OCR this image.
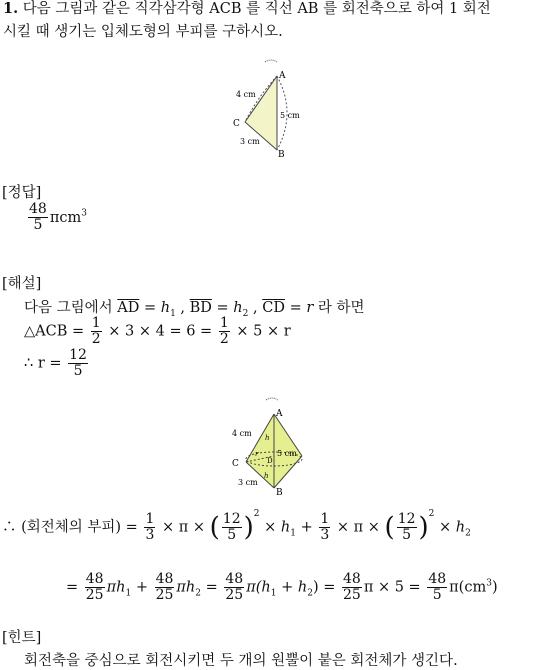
1. 다음 그림과 같은 직각삼각형 ACB 를 직선 AB 를 회전축으로 하여 1 회전
시킬 때 생기는 입체도형의 부피를 구하시오.
A
B
C
4 cm
5 cm
3 cm
[정답]
$\frac{48}{5} \pi cm^3$
[해설]
다음 그림에서 $\overline{AD} = h_1$ , $\overline{BD} = h_2$ , $\overline{CD} = r$ 라 하면
△ACB = $\frac{1}{2} \times 3 \times 4 = 6 = \frac{1}{2} \times 5 \times r$
∴ $r = \frac{12}{5}$
A
B
C	D
h
h
r
4 cm
5 cm
3 cm
∴ (회전체의 부피) = $\frac{1}{3} \times \pi$ × ( $\frac{12}{5} )^2 \times h_1 + \frac{1}{3} \times \pi$ × ( $\frac{12}{5} )^2 \times h_2$
= $\frac{48}{25} \pi h_1 + \frac{48}{25} \pi h_2 = \frac{48}{25} \pi(h_1 + h_2) = \frac{48}{25}$ $\pi \times 5 = \frac{48}{5} \pi(cm^3)$
[힌트]
회전축을 중심으로 회전시키면 두 개의 원뿔이 붙은 회전체가 생긴다.
